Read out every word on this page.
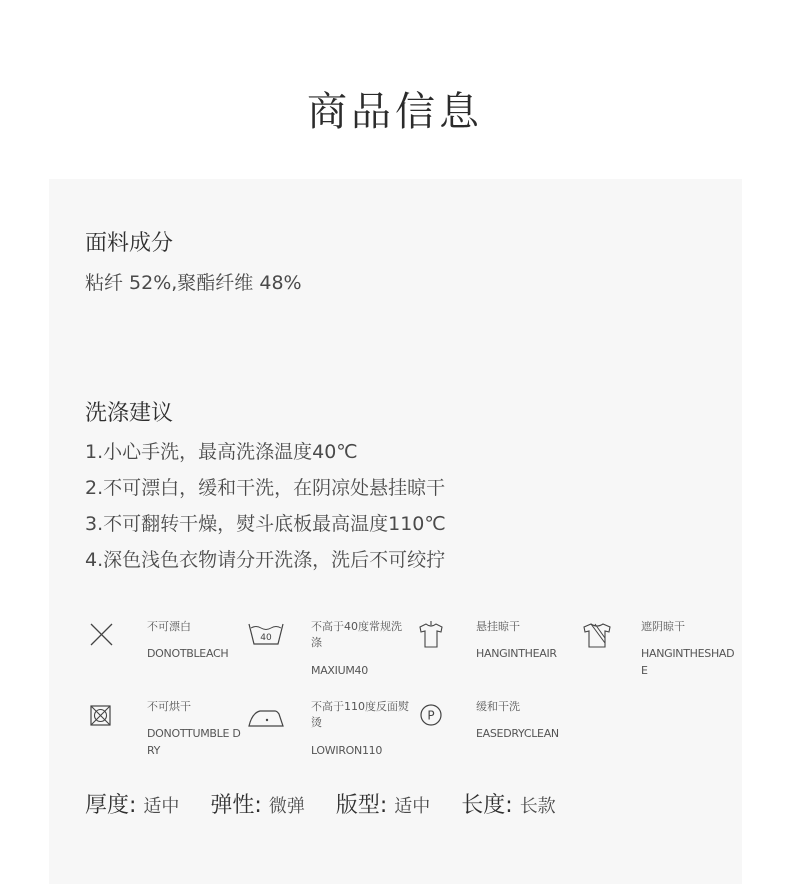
商品信息
面料成分
粘纤 52%,聚酯纤维 48%
洗涤建议
1.小心手洗，最高洗涤温度40℃
2.不可漂白，缓和干洗，在阴凉处悬挂晾干
3.不可翻转干燥，熨斗底板最高温度110℃
4.深色浅色衣物请分开洗涤，洗后不可绞拧
不可漂白
DONOTBLEACH
40
不高于40度常规洗涤
MAXIUM40
悬挂晾干
HANGINTHEAIR
遮阴晾干
HANGINTHESHADE
不可烘干
DONOTTUMBLE DRY
不高于110度反面熨烫
LOWIRON110
P
缓和干洗
EASEDRYCLEAN
厚度: 适中 弹性: 微弹 版型: 适中 长度: 长款
